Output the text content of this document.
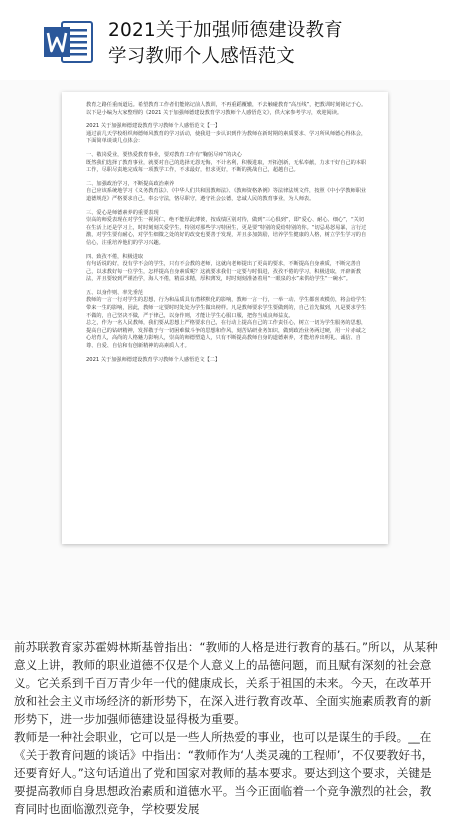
2021关于加强师德建设教育
学习教师个人感悟范文

教育之路任重而道远。希望教育工作者们能铭记前人教训，不再重蹈覆辙，不去触碰教育“高压线”，把教训时刻铭记于心。以下是小编为大家整理的《2021 关于加强师德建设教育学习教师个人感悟范文》，供大家参考学习，欢迎阅读。

2021 关于加强师德建设教育学习教师个人感悟范文【一】

通过前几天学校组织师德师风教育的学习活动，使我进一步认识到作为教师在新时期的素质要求、学习所风师德心得体会，下面简单谈谈几点体会：

一、敬岗爱业，要热爱教育事业，要对教育工作有“鞠躬尽瘁”的决心

既然我们选择了教育事业，就要对自己的选择无怨无悔，不计名利，积极进取，开拓创新，无私奉献，力求干好自己的本职工作，尽职尽责地完成每一项教学工作，不求最好，但求更好，不断的挑战自己，超越自己。

二、加强政治学习，不断提高政治素养

自己应该系统地学习《义务教育法》、《中华人们共和国教师法》、《教师资格条例》等法律法规文件，按照《中小学教师职业道德规范》严格要求自己，奉公守法，恪尽职守，遵守社会公德，忠诚人民的教育事业，为人师表。

三、爱心是师德素养的重要表现

崇高的师爱表现在对学生一视同仁，绝不能厚此薄彼，按成绩区别对待，做到“三心俱到”，即“爱心、耐心、细心”，“关切在生活上还是学习上，时时刻刻关爱学生，特别对那些学习特困生，更是要”特别的爱给特别的你。“切忌易怒易暴，言行过激，对学生要有耐心，对学生细微之处的好的改变也要善于发现，并且多加鼓励，培养学生健康的人格，树立学生学习的自信心，注重培养他们的学习兴趣。

四、致孜不倦，积极进取

有句话说的好，没有学不会的学生，只有不会教的老师，这就向老师提出了更高的要求，不断提高自身素质，不断完善自己，以求教好每一位学生，怎样提高自身素质呢？这就要求我们一定要与时俱进，孜孜不倦的学习，积极进取，开辟新教法，并且要较到严谨治学，海人不倦，精益求精，厚积薄发，时时刻刻准备着用“一眼泉的水”来供给学生“一碗水”。

五、以身作则、率先垂范

教师的一言一行对学生的思想，行为和品质具有潜移默化的影响，教师一言一行，一举一动、学生都喜欢模仿，将会给学生带来一生的影响，因此，教师一定要时时处处为学生做出榜样。凡是教师要求学生要做到的，自己首先做到，凡是要求学生不做的，自己坚决不做，严于律己，以身作则，才能让学生心服口服，把你当成良师益友。

总之，作为一名人民教师，我们要从思想上严格要求自己，在行动上提高自己的工作责任心，树立一切为学生服务的思想，提高自己的钻研精神，发挥敬于与一切困难做斗争的思想和作风，刻苦钻研业务知识，做到政治业务两过硬，用一片赤诚之心培育人，高尚的人格魅力影响人，崇高的师德塑造人，只有不断提高教师自身的道德素养，才能培养出明礼、诚信、自尊、自爱、自信和有创新精神的高素质人才。

2021 关于加强师德建设教育学习教师个人感悟范文【二】

前苏联教育家苏霍姆林斯基曾指出：“教师的人格是进行教育的基石。”所以，从某种意义上讲，教师的职业道德不仅是个人意义上的品德问题，而且赋有深刻的社会意义。它关系到千百万青少年一代的健康成长，关系于祖国的未来。今天，在改革开放和社会主义市场经济的新形势下，在深入进行教育改革、全面实施素质教育的新形势下，进一步加强师德建设显得极为重要。

教师是一种社会职业，它可以是一些人所热爱的事业，也可以是谋生的手段。__在《关于教育问题的谈话》中指出：“教师作为‘人类灵魂的工程师’，不仅要教好书，还要育好人。”这句话道出了党和国家对教师的基本要求。要达到这个要求，关键是要提高教师自身思想政治素质和道德水平。当今正面临着一个竞争激烈的社会，教育同时也面临激烈竞争，学校要发展
